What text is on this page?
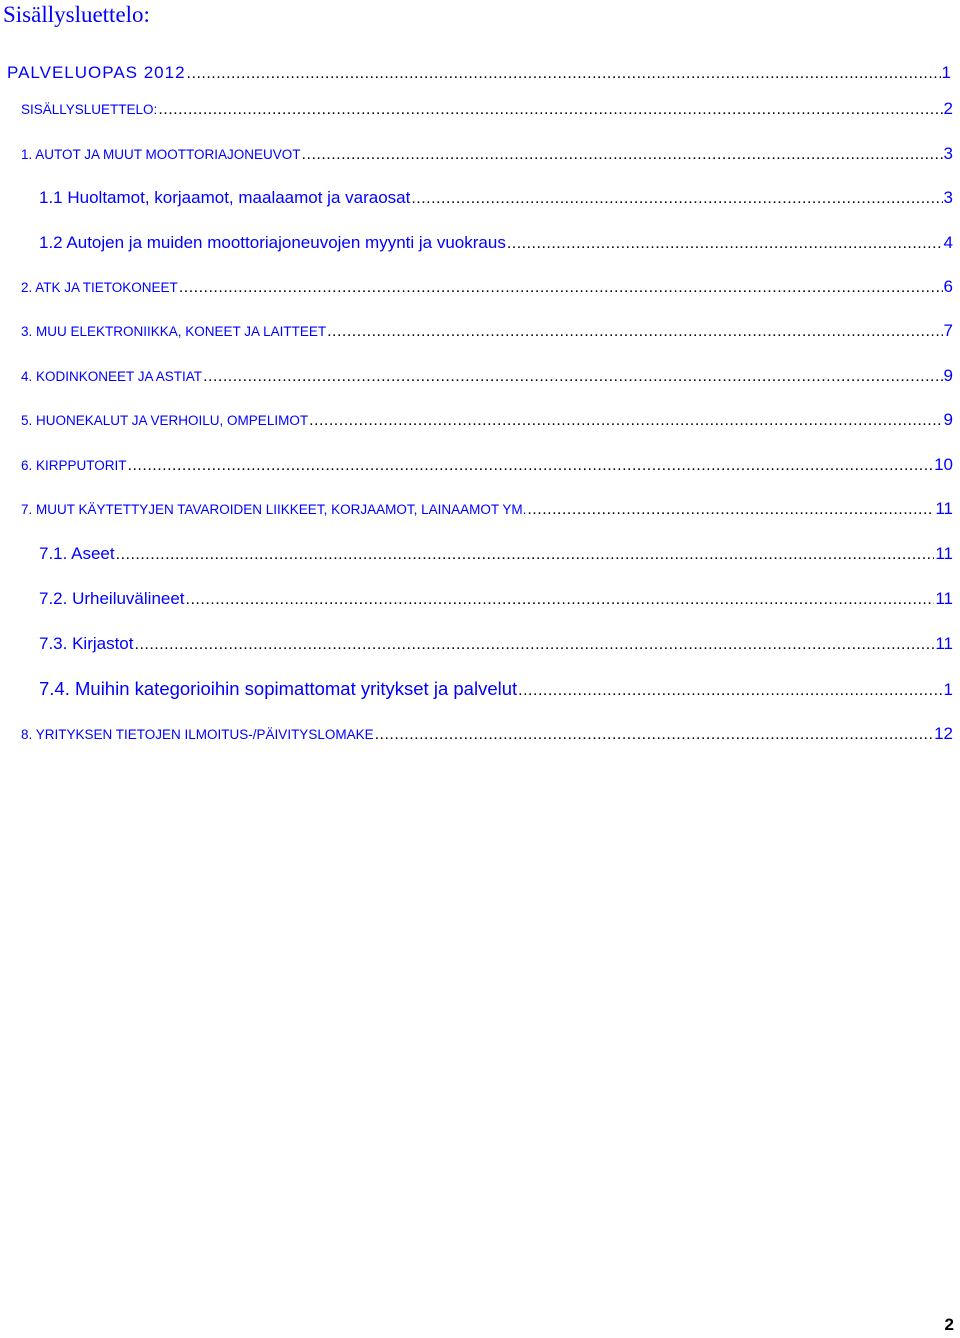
Sisällysluettelo:
PALVELUOPAS 2012 .....	1
SISÄLLYSLUETTELO: .....	2
1. AUTOT JA MUUT MOOTTORIAJONEUVOT .....	3
1.1 Huoltamot, korjaamot, maalaamot ja varaosat .....	3
1.2 Autojen ja muiden moottoriajoneuvojen myynti ja vuokraus .....	4
2. ATK JA TIETOKONEET .....	6
3. MUU ELEKTRONIIKKA, KONEET JA LAITTEET .....	7
4. KODINKONEET JA ASTIAT .....	9
5. HUONEKALUT JA VERHOILU, OMPELIMOT .....	9
6. KIRPPUTORIT .....	10
7. MUUT KÄYTETTYJEN TAVAROIDEN LIIKKEET, KORJAAMOT, LAINAAMOT YM. .....	11
7.1. Aseet .....	11
7.2. Urheiluvälineet .....	11
7.3. Kirjastot .....	11
7.4. Muihin kategorioihin sopimattomat yritykset ja palvelut .....	1
8. YRITYKSEN TIETOJEN ILMOITUS-/PÄIVITYSLOMAKE .....	12
2
